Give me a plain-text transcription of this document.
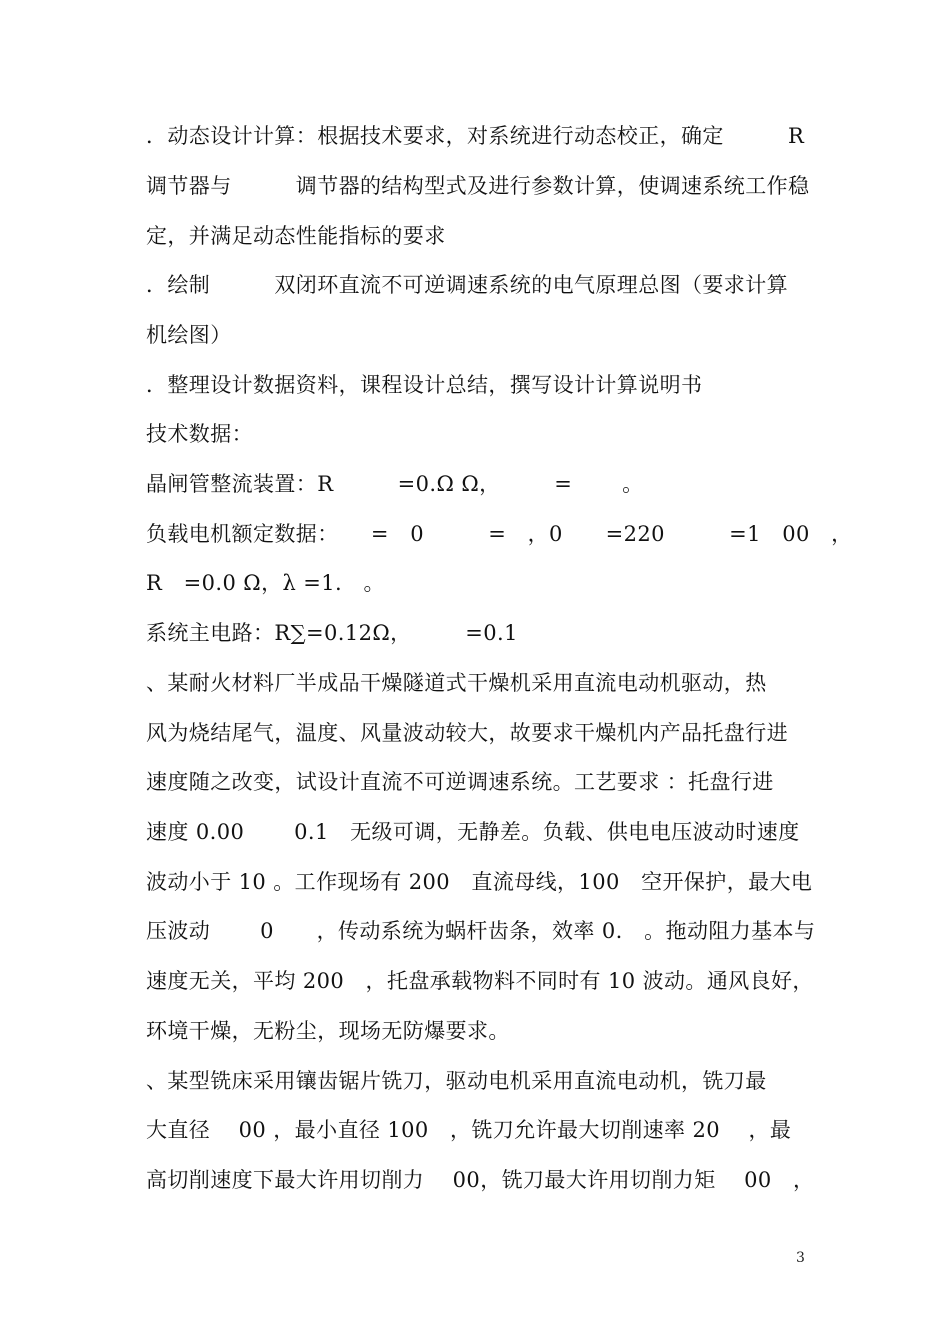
．动态设计计算：根据技术要求，对系统进行动态校正，确定　　　R
调节器与　　　调节器的结构型式及进行参数计算，使调速系统工作稳
定，并满足动态性能指标的要求
．绘制　　　双闭环直流不可逆调速系统的电气原理总图（要求计算
机绘图）
．整理设计数据资料，课程设计总结，撰写设计计算说明书
技术数据：
晶闸管整流装置：R　　　=0.Ω Ω，　　　=　　 。
负载电机额定数据：　　=　0　　　=　，0　　=220　　　=1　00　，
R　=0.0 Ω，λ =1.　。
系统主电路：R∑=0.12Ω，　　　=0.1
、某耐火材料厂半成品干燥隧道式干燥机采用直流电动机驱动，热
风为烧结尾气，温度、风量波动较大，故要求干燥机内产品托盘行进
速度随之改变，试设计直流不可逆调速系统。工艺要求 ：托盘行进
速度 0.00　　 0.1　无级可调，无静差。负载、供电电压波动时速度
波动小于 10 。工作现场有 200　直流母线，100　空开保护，最大电
压波动　　 0　　，传动系统为蜗杆齿条，效率 0.　。拖动阻力基本与
速度无关，平均 200　，托盘承载物料不同时有 10 波动。通风良好，
环境干燥，无粉尘，现场无防爆要求。
、某型铣床采用镶齿锯片铣刀，驱动电机采用直流电动机，铣刀最
大直径　 00 ，最小直径 100　，铣刀允许最大切削速率 20　 ，最
高切削速度下最大许用切削力　 00，铣刀最大许用切削力矩　 00　，
3
